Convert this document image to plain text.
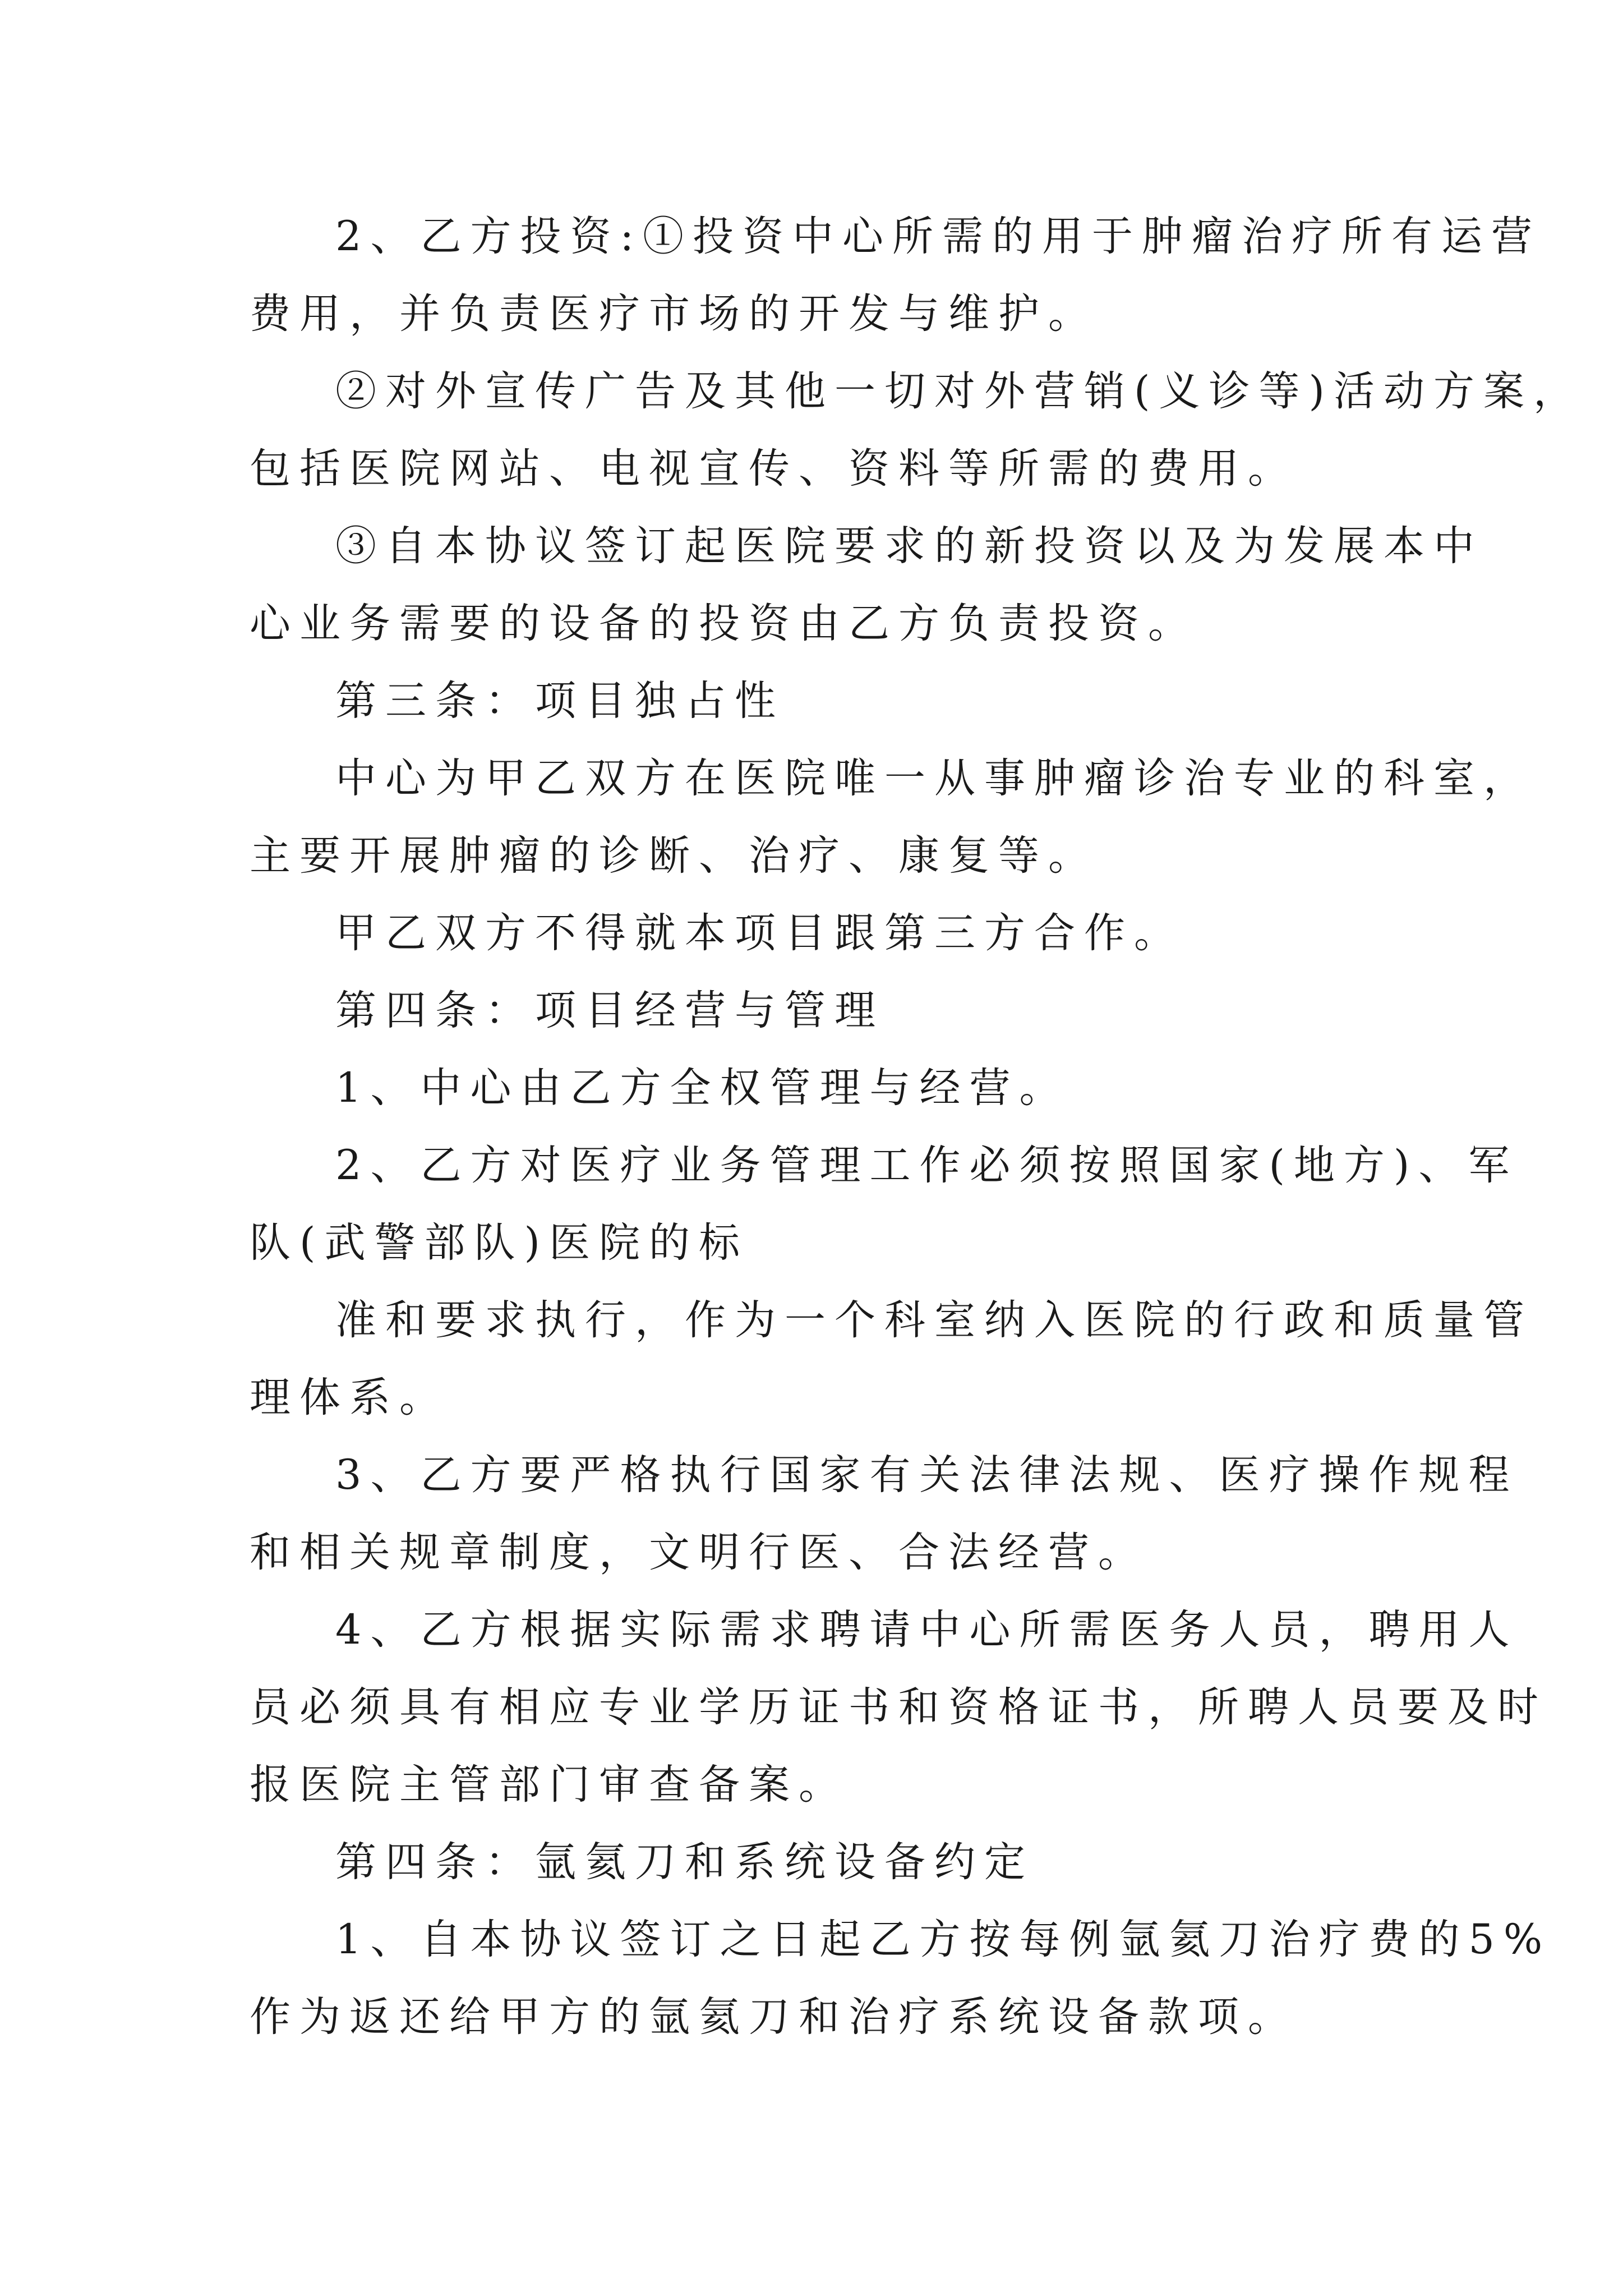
2、乙方投资:①投资中心所需的用于肿瘤治疗所有运营
费用，并负责医疗市场的开发与维护。
②对外宣传广告及其他一切对外营销(义诊等)活动方案，
包括医院网站、电视宣传、资料等所需的费用。
③自本协议签订起医院要求的新投资以及为发展本中
心业务需要的设备的投资由乙方负责投资。
第三条：项目独占性
中心为甲乙双方在医院唯一从事肿瘤诊治专业的科室，
主要开展肿瘤的诊断、治疗、康复等。
甲乙双方不得就本项目跟第三方合作。
第四条：项目经营与管理
1、中心由乙方全权管理与经营。
2、乙方对医疗业务管理工作必须按照国家(地方)、军
队(武警部队)医院的标
准和要求执行，作为一个科室纳入医院的行政和质量管
理体系。
3、乙方要严格执行国家有关法律法规、医疗操作规程
和相关规章制度，文明行医、合法经营。
4、乙方根据实际需求聘请中心所需医务人员，聘用人
员必须具有相应专业学历证书和资格证书，所聘人员要及时
报医院主管部门审查备案。
第四条：氩氦刀和系统设备约定
1、自本协议签订之日起乙方按每例氩氦刀治疗费的5%
作为返还给甲方的氩氦刀和治疗系统设备款项。
